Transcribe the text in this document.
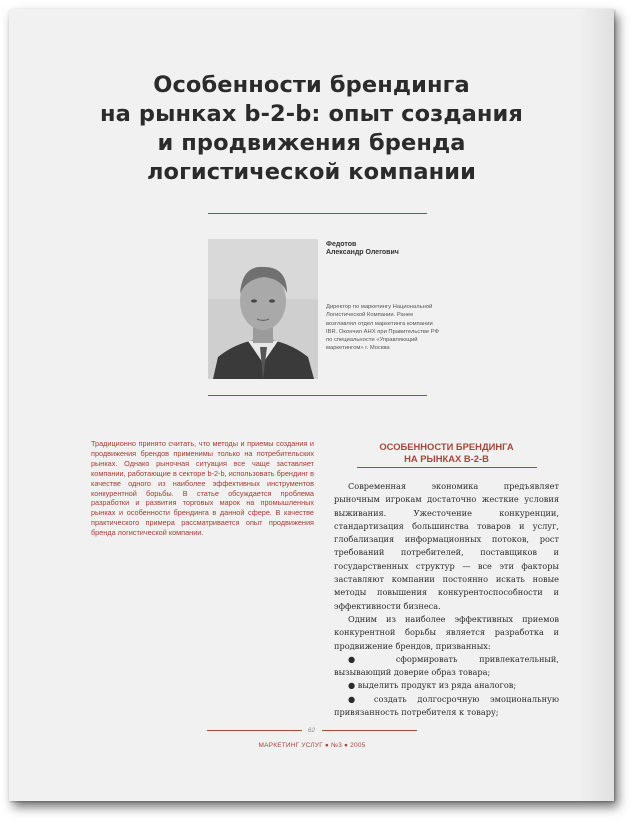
Особенности брендинга
на рынках b-2-b: опыт создания
и продвижения бренда
логистической компании
Федотов
Александр Олегович
Директор по маркетингу Национальной Логистической Компании. Ранее возглавлял отдел маркетинга компании IBR. Окончил АНХ при Правительстве РФ по специальности «Управляющий маркетингом» г. Москва
Традиционно принято считать, что методы и приемы создания и продвижения брендов применимы только на потребительских рынках. Однако рыночная ситуация все чаще заставляет компании, работающие в секторе b-2-b, использовать брендинг в качестве одного из наиболее эффективных инструментов конкурентной борьбы. В статье обсуждается проблема разработки и развития торговых марок на промышленных рынках и особенности брендинга в данной сфере. В качестве практического примера рассматривается опыт продвижения бренда логистической компании.
ОСОБЕННОСТИ БРЕНДИНГА
НА РЫНКАХ B-2-B

Современная экономика предъявляет рыночным игрокам достаточно жесткие условия выживания. Ужесточение конкуренции, стандартизация большинства товаров и услуг, глобализация информационных потоков, рост требований потребителей, поставщиков и государственных структур — все эти факторы заставляют компании постоянно искать новые методы повышения конкурентоспособности и эффективности бизнеса.

Одним из наиболее эффективных приемов конкурентной борьбы является разработка и продвижение брендов, призванных:

● сформировать привлекательный, вызывающий доверие образ товара;

● выделить продукт из ряда аналогов;

● создать долгосрочную эмоциональную привязанность потребителя к товару;

62
МАРКЕТИНГ УСЛУГ ● №3 ● 2005
